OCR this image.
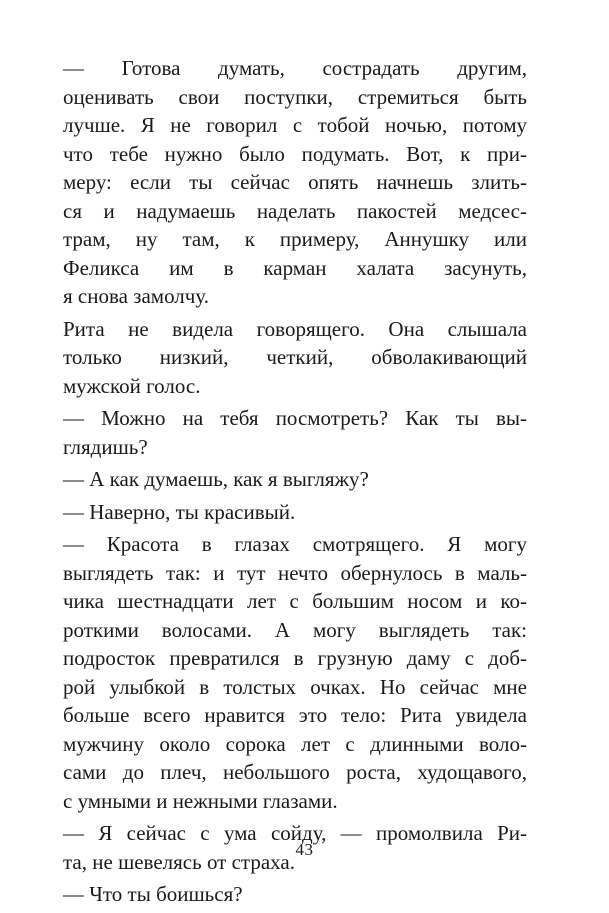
— Готова думать, сострадать другим,
оценивать свои поступки, стремиться быть
лучше. Я не говорил с тобой ночью, потому
что тебе нужно было подумать. Вот, к при-
меру: если ты сейчас опять начнешь злить-
ся и надумаешь наделать пакостей медсес-
трам, ну там, к примеру, Аннушку или
Феликса им в карман халата засунуть,
я снова замолчу.

Рита не видела говорящего. Она слышала
только низкий, четкий, обволакивающий
мужской голос.

— Можно на тебя посмотреть? Как ты вы-
глядишь?

— А как думаешь, как я выгляжу?

— Наверно, ты красивый.

— Красота в глазах смотрящего. Я могу
выглядеть так: и тут нечто обернулось в маль-
чика шестнадцати лет с большим носом и ко-
роткими волосами. А могу выглядеть так:
подросток превратился в грузную даму с доб-
рой улыбкой в толстых очках. Но сейчас мне
больше всего нравится это тело: Рита увидела
мужчину около сорока лет с длинными воло-
сами до плеч, небольшого роста, худощавого,
с умными и нежными глазами.

— Я сейчас с ума сойду, — промолвила Ри-
та, не шевелясь от страха.

— Что ты боишься?

43
